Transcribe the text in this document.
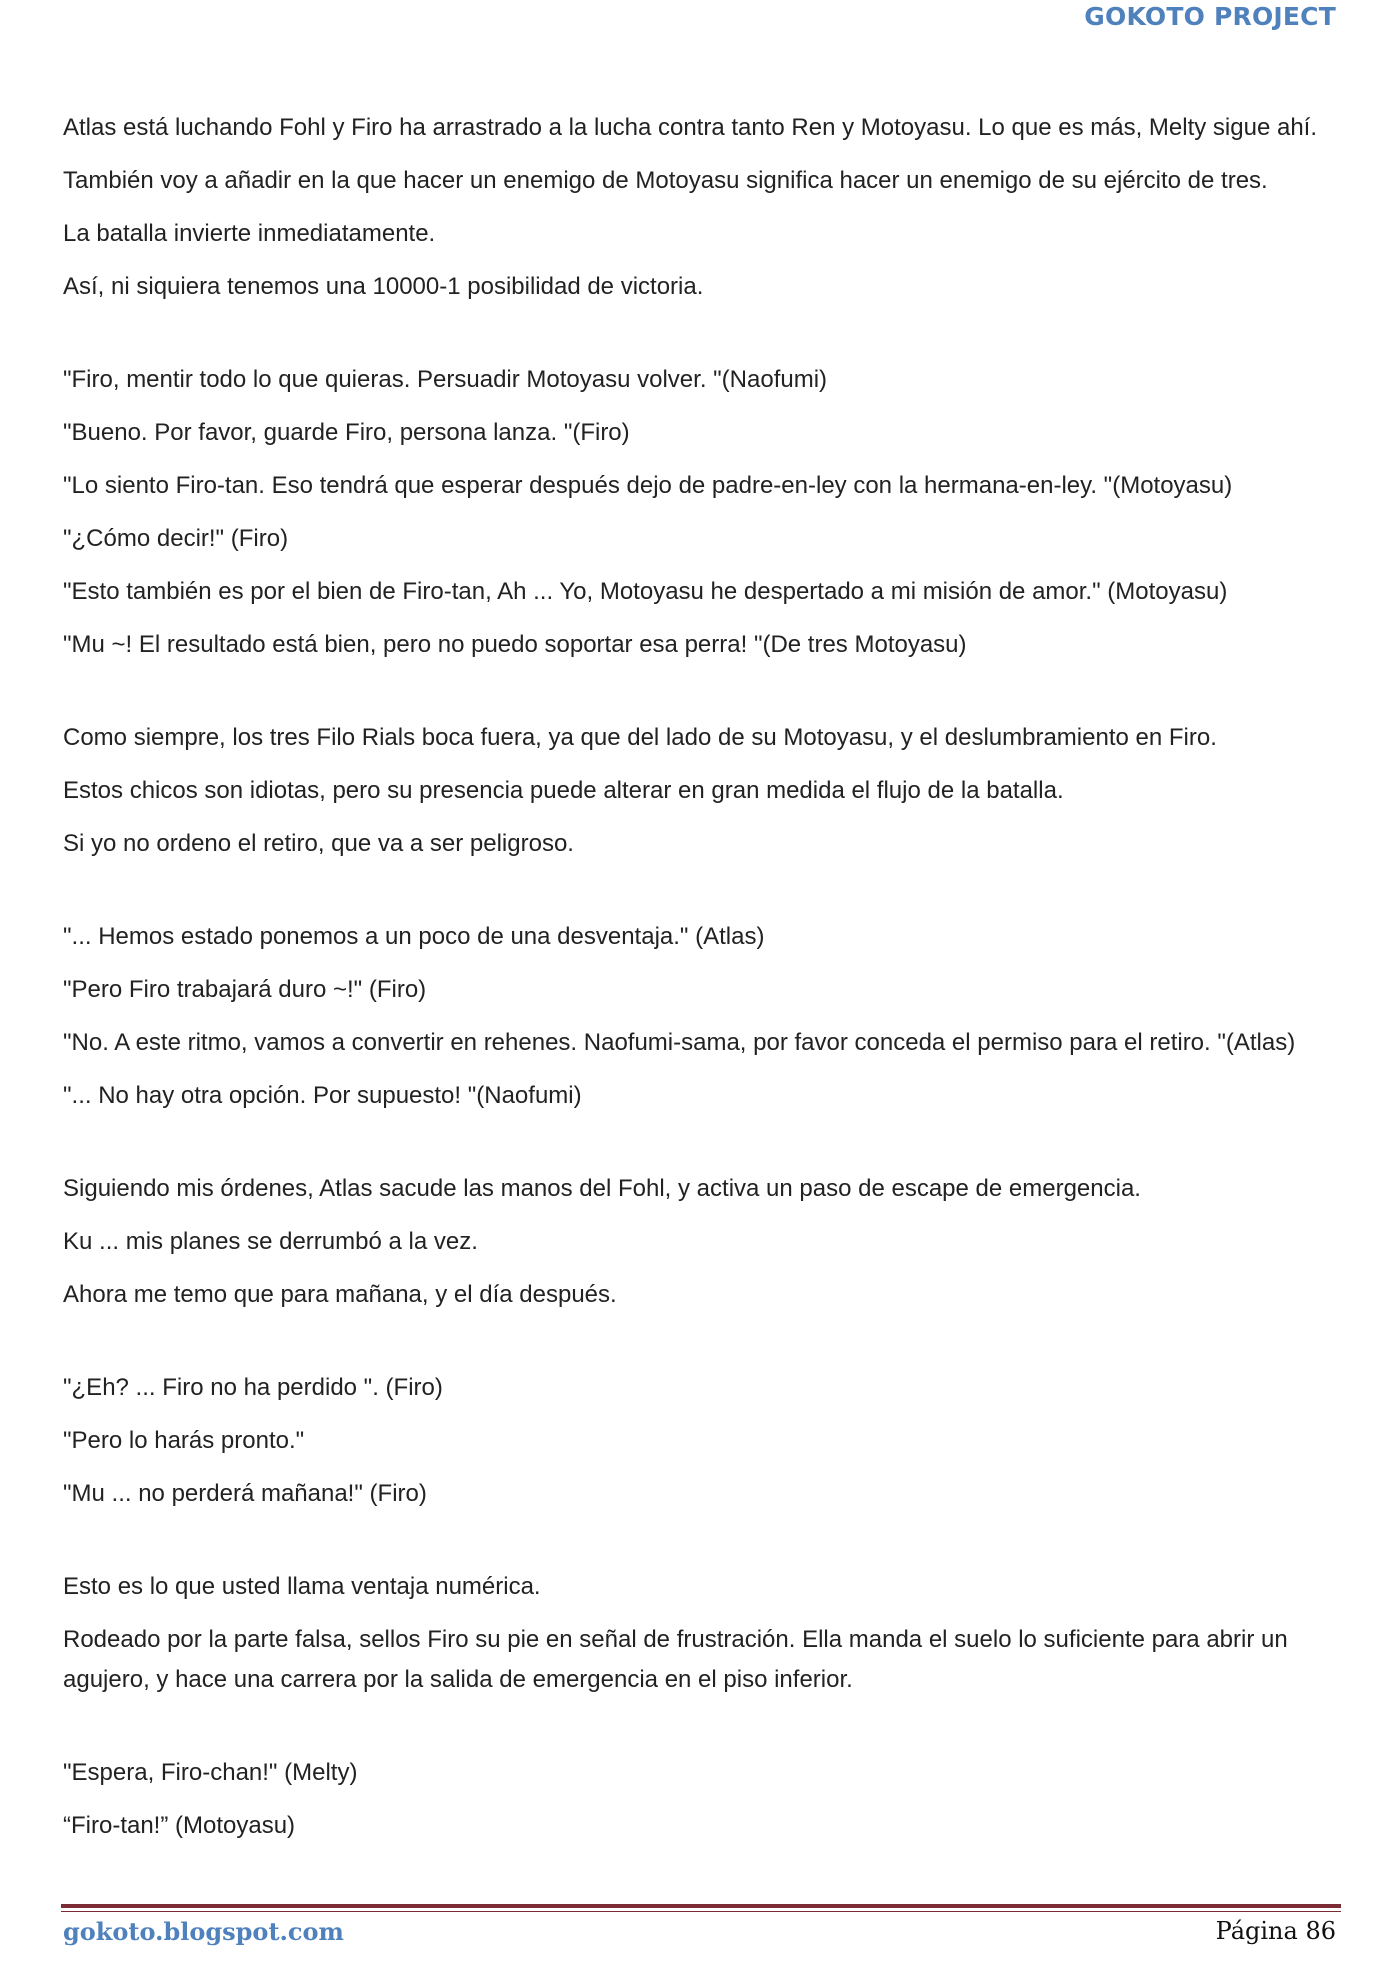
GOKOTO PROJECT

Atlas está luchando Fohl y Firo ha arrastrado a la lucha contra tanto Ren y Motoyasu. Lo que es más, Melty sigue ahí.

También voy a añadir en la que hacer un enemigo de Motoyasu significa hacer un enemigo de su ejército de tres.

La batalla invierte inmediatamente.

Así, ni siquiera tenemos una 10000-1 posibilidad de victoria.

"Firo, mentir todo lo que quieras. Persuadir Motoyasu volver. "(Naofumi)

"Bueno. Por favor, guarde Firo, persona lanza. "(Firo)

"Lo siento Firo-tan. Eso tendrá que esperar después dejo de padre-en-ley con la hermana-en-ley. "(Motoyasu)

"¿Cómo decir!" (Firo)

"Esto también es por el bien de Firo-tan, Ah ... Yo, Motoyasu he despertado a mi misión de amor." (Motoyasu)

"Mu ~! El resultado está bien, pero no puedo soportar esa perra! "(De tres Motoyasu)

Como siempre, los tres Filo Rials boca fuera, ya que del lado de su Motoyasu, y el deslumbramiento en Firo.

Estos chicos son idiotas, pero su presencia puede alterar en gran medida el flujo de la batalla.

Si yo no ordeno el retiro, que va a ser peligroso.

"... Hemos estado ponemos a un poco de una desventaja." (Atlas)

"Pero Firo trabajará duro ~!" (Firo)

"No. A este ritmo, vamos a convertir en rehenes. Naofumi-sama, por favor conceda el permiso para el retiro. "(Atlas)

"... No hay otra opción. Por supuesto! "(Naofumi)

Siguiendo mis órdenes, Atlas sacude las manos del Fohl, y activa un paso de escape de emergencia.

Ku ... mis planes se derrumbó a la vez.

Ahora me temo que para mañana, y el día después.

"¿Eh? ... Firo no ha perdido ". (Firo)

"Pero lo harás pronto."

"Mu ... no perderá mañana!" (Firo)

Esto es lo que usted llama ventaja numérica.

Rodeado por la parte falsa, sellos Firo su pie en señal de frustración. Ella manda el suelo lo suficiente para abrir un agujero, y hace una carrera por la salida de emergencia en el piso inferior.

"Espera, Firo-chan!" (Melty)

“Firo-tan!” (Motoyasu)

gokoto.blogspot.com	Página 86
